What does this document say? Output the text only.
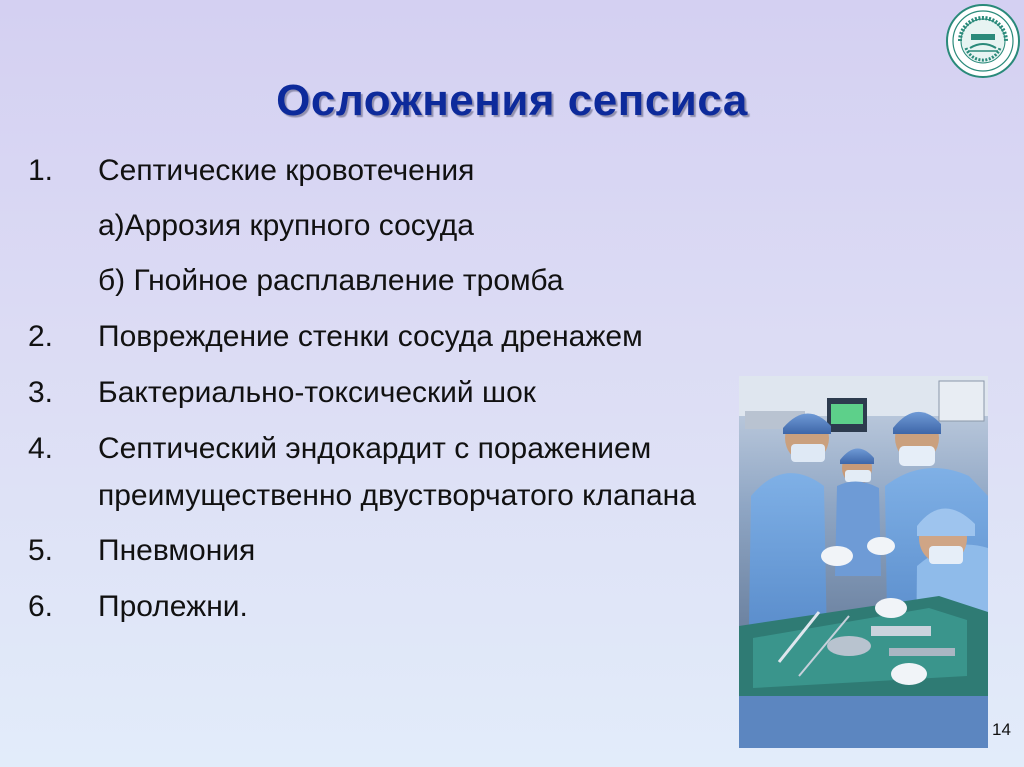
Осложнения сепсиса
1. Септические кровотечения
а)Аррозия крупного сосуда
б) Гнойное расплавление тромба
2. Повреждение стенки сосуда дренажем
3. Бактериально-токсический шок
4. Септический эндокардит с поражением
преимущественно двустворчатого клапана
5. Пневмония
6. Пролежни.
14
